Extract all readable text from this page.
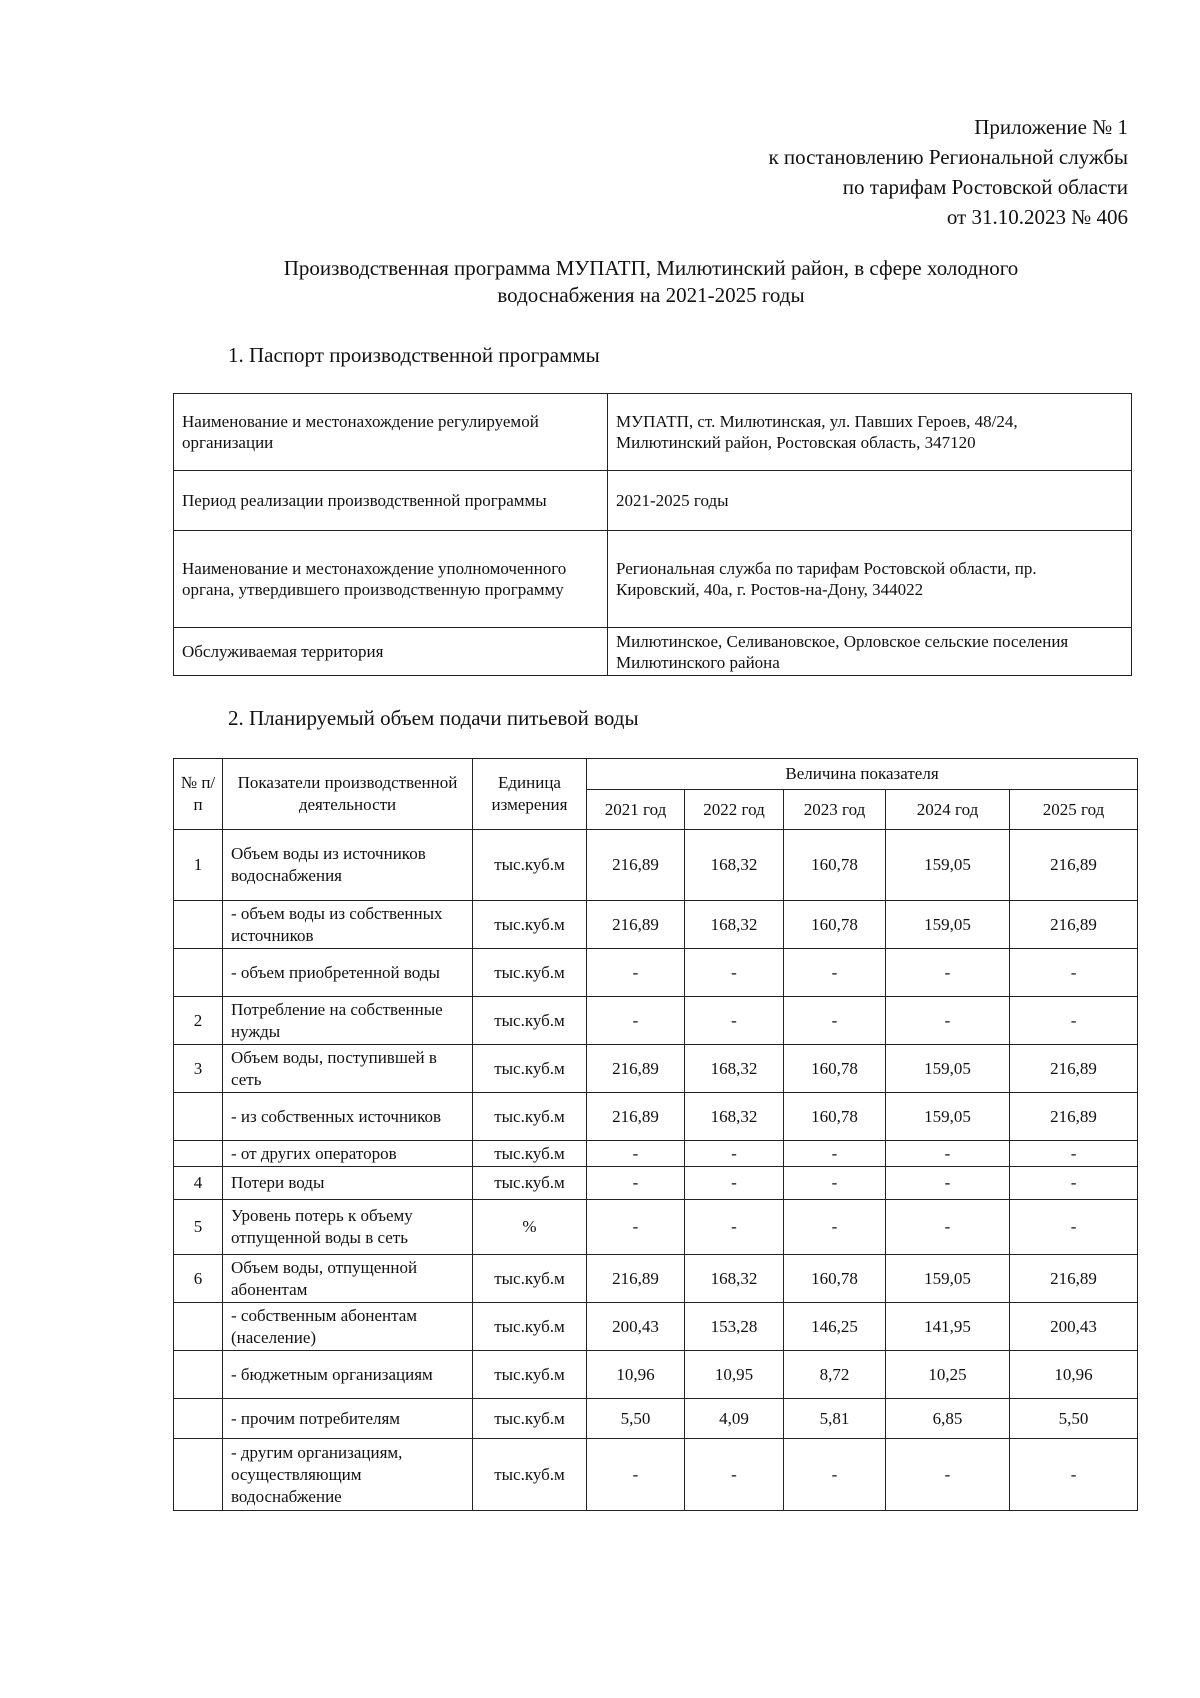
Приложение № 1
к постановлению Региональной службы
по тарифам Ростовской области
от 31.10.2023 № 406
Производственная программа МУПАТП, Милютинский район, в сфере холодного
водоснабжения на 2021-2025 годы
1. Паспорт производственной программы
Наименование и местонахождение регулируемой организации	МУПАТП, ст. Милютинская, ул. Павших Героев, 48/24, Милютинский район, Ростовская область, 347120
Период реализации производственной программы	2021-2025 годы
Наименование и местонахождение уполномоченного органа, утвердившего производственную программу	Региональная служба по тарифам Ростовской области, пр. Кировский, 40а, г. Ростов-на-Дону, 344022
Обслуживаемая территория	Милютинское, Селивановское, Орловское сельские поселения Милютинского района
2. Планируемый объем подачи питьевой воды
№ п/п	Показатели производственной деятельности	Единица измерения	Величина показателя				
			2021 год	2022 год	2023 год	2024 год	2025 год
1	Объем воды из источников водоснабжения	тыс.куб.м	216,89	168,32	160,78	159,05	216,89
	- объем воды из собственных источников	тыс.куб.м	216,89	168,32	160,78	159,05	216,89
	- объем приобретенной воды	тыс.куб.м	-	-	-	-	-
2	Потребление на собственные нужды	тыс.куб.м	-	-	-	-	-
3	Объем воды, поступившей в сеть	тыс.куб.м	216,89	168,32	160,78	159,05	216,89
	- из собственных источников	тыс.куб.м	216,89	168,32	160,78	159,05	216,89
	- от других операторов	тыс.куб.м	-	-	-	-	-
4	Потери воды	тыс.куб.м	-	-	-	-	-
5	Уровень потерь к объему отпущенной воды в сеть	%	-	-	-	-	-
6	Объем воды, отпущенной абонентам	тыс.куб.м	216,89	168,32	160,78	159,05	216,89
	- собственным абонентам (население)	тыс.куб.м	200,43	153,28	146,25	141,95	200,43
	- бюджетным организациям	тыс.куб.м	10,96	10,95	8,72	10,25	10,96
	- прочим потребителям	тыс.куб.м	5,50	4,09	5,81	6,85	5,50
	- другим организациям, осуществляющим водоснабжение	тыс.куб.м	-	-	-	-	-
